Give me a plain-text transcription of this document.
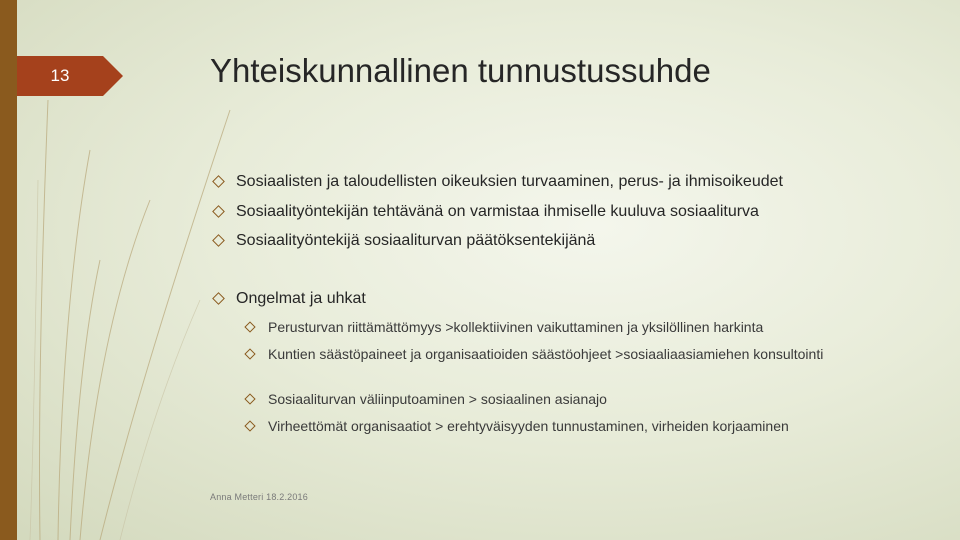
13	Yhteiskunnallinen tunnustussuhde
Sosiaalisten ja taloudellisten oikeuksien turvaaminen, perus- ja ihmisoikeudet
Sosiaalityöntekijän tehtävänä on varmistaa ihmiselle kuuluva sosiaaliturva
Sosiaalityöntekijä sosiaaliturvan päätöksentekijänä
Ongelmat ja uhkat
Perusturvan riittämättömyys >kollektiivinen vaikuttaminen ja yksilöllinen harkinta
Kuntien säästöpaineet ja organisaatioiden säästöohjeet >sosiaaliaasiamiehen konsultointi
Sosiaaliturvan väliinputoaminen > sosiaalinen asianajo
Virheettömät organisaatiot > erehtyväisyyden tunnustaminen, virheiden korjaaminen
Anna Metteri 18.2.2016
